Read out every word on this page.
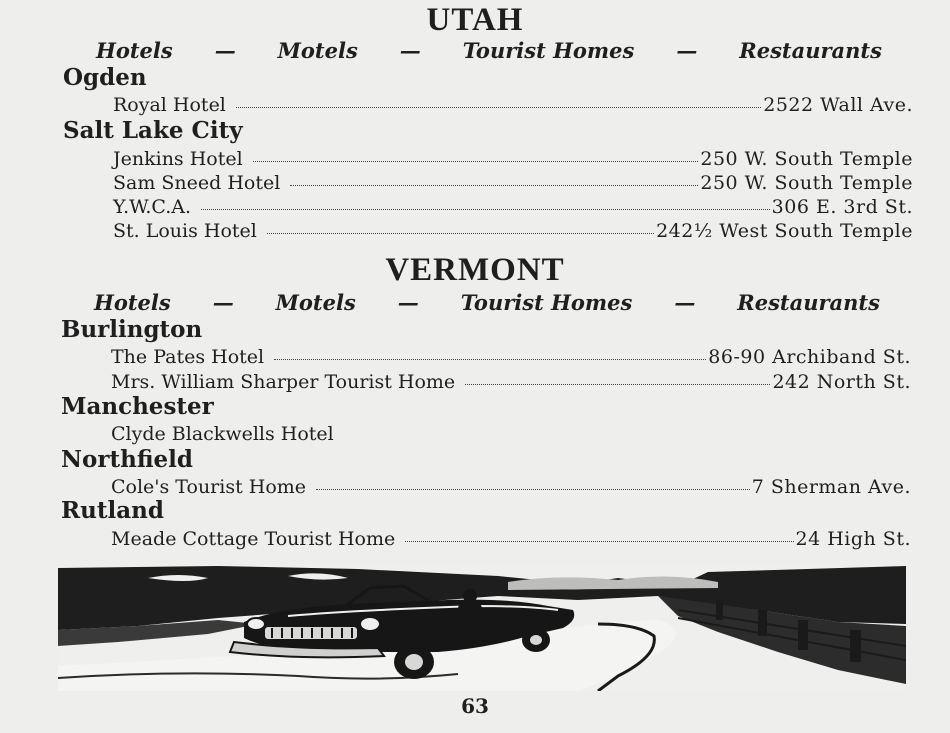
UTAH
Hotels — Motels — Tourist Homes — Restaurants
Ogden
Royal Hotel	2522 Wall Ave.
Salt Lake City
Jenkins Hotel	250 W. South Temple
Sam Sneed Hotel	250 W. South Temple
Y.W.C.A.	306 E. 3rd St.
St. Louis Hotel	242½ West South Temple
VERMONT
Hotels — Motels — Tourist Homes — Restaurants
Burlington
The Pates Hotel	86-90 Archiband St.
Mrs. William Sharper Tourist Home	242 North St.
Manchester
Clyde Blackwells Hotel
Northfield
Cole's Tourist Home	7 Sherman Ave.
Rutland
Meade Cottage Tourist Home	24 High St.
63
